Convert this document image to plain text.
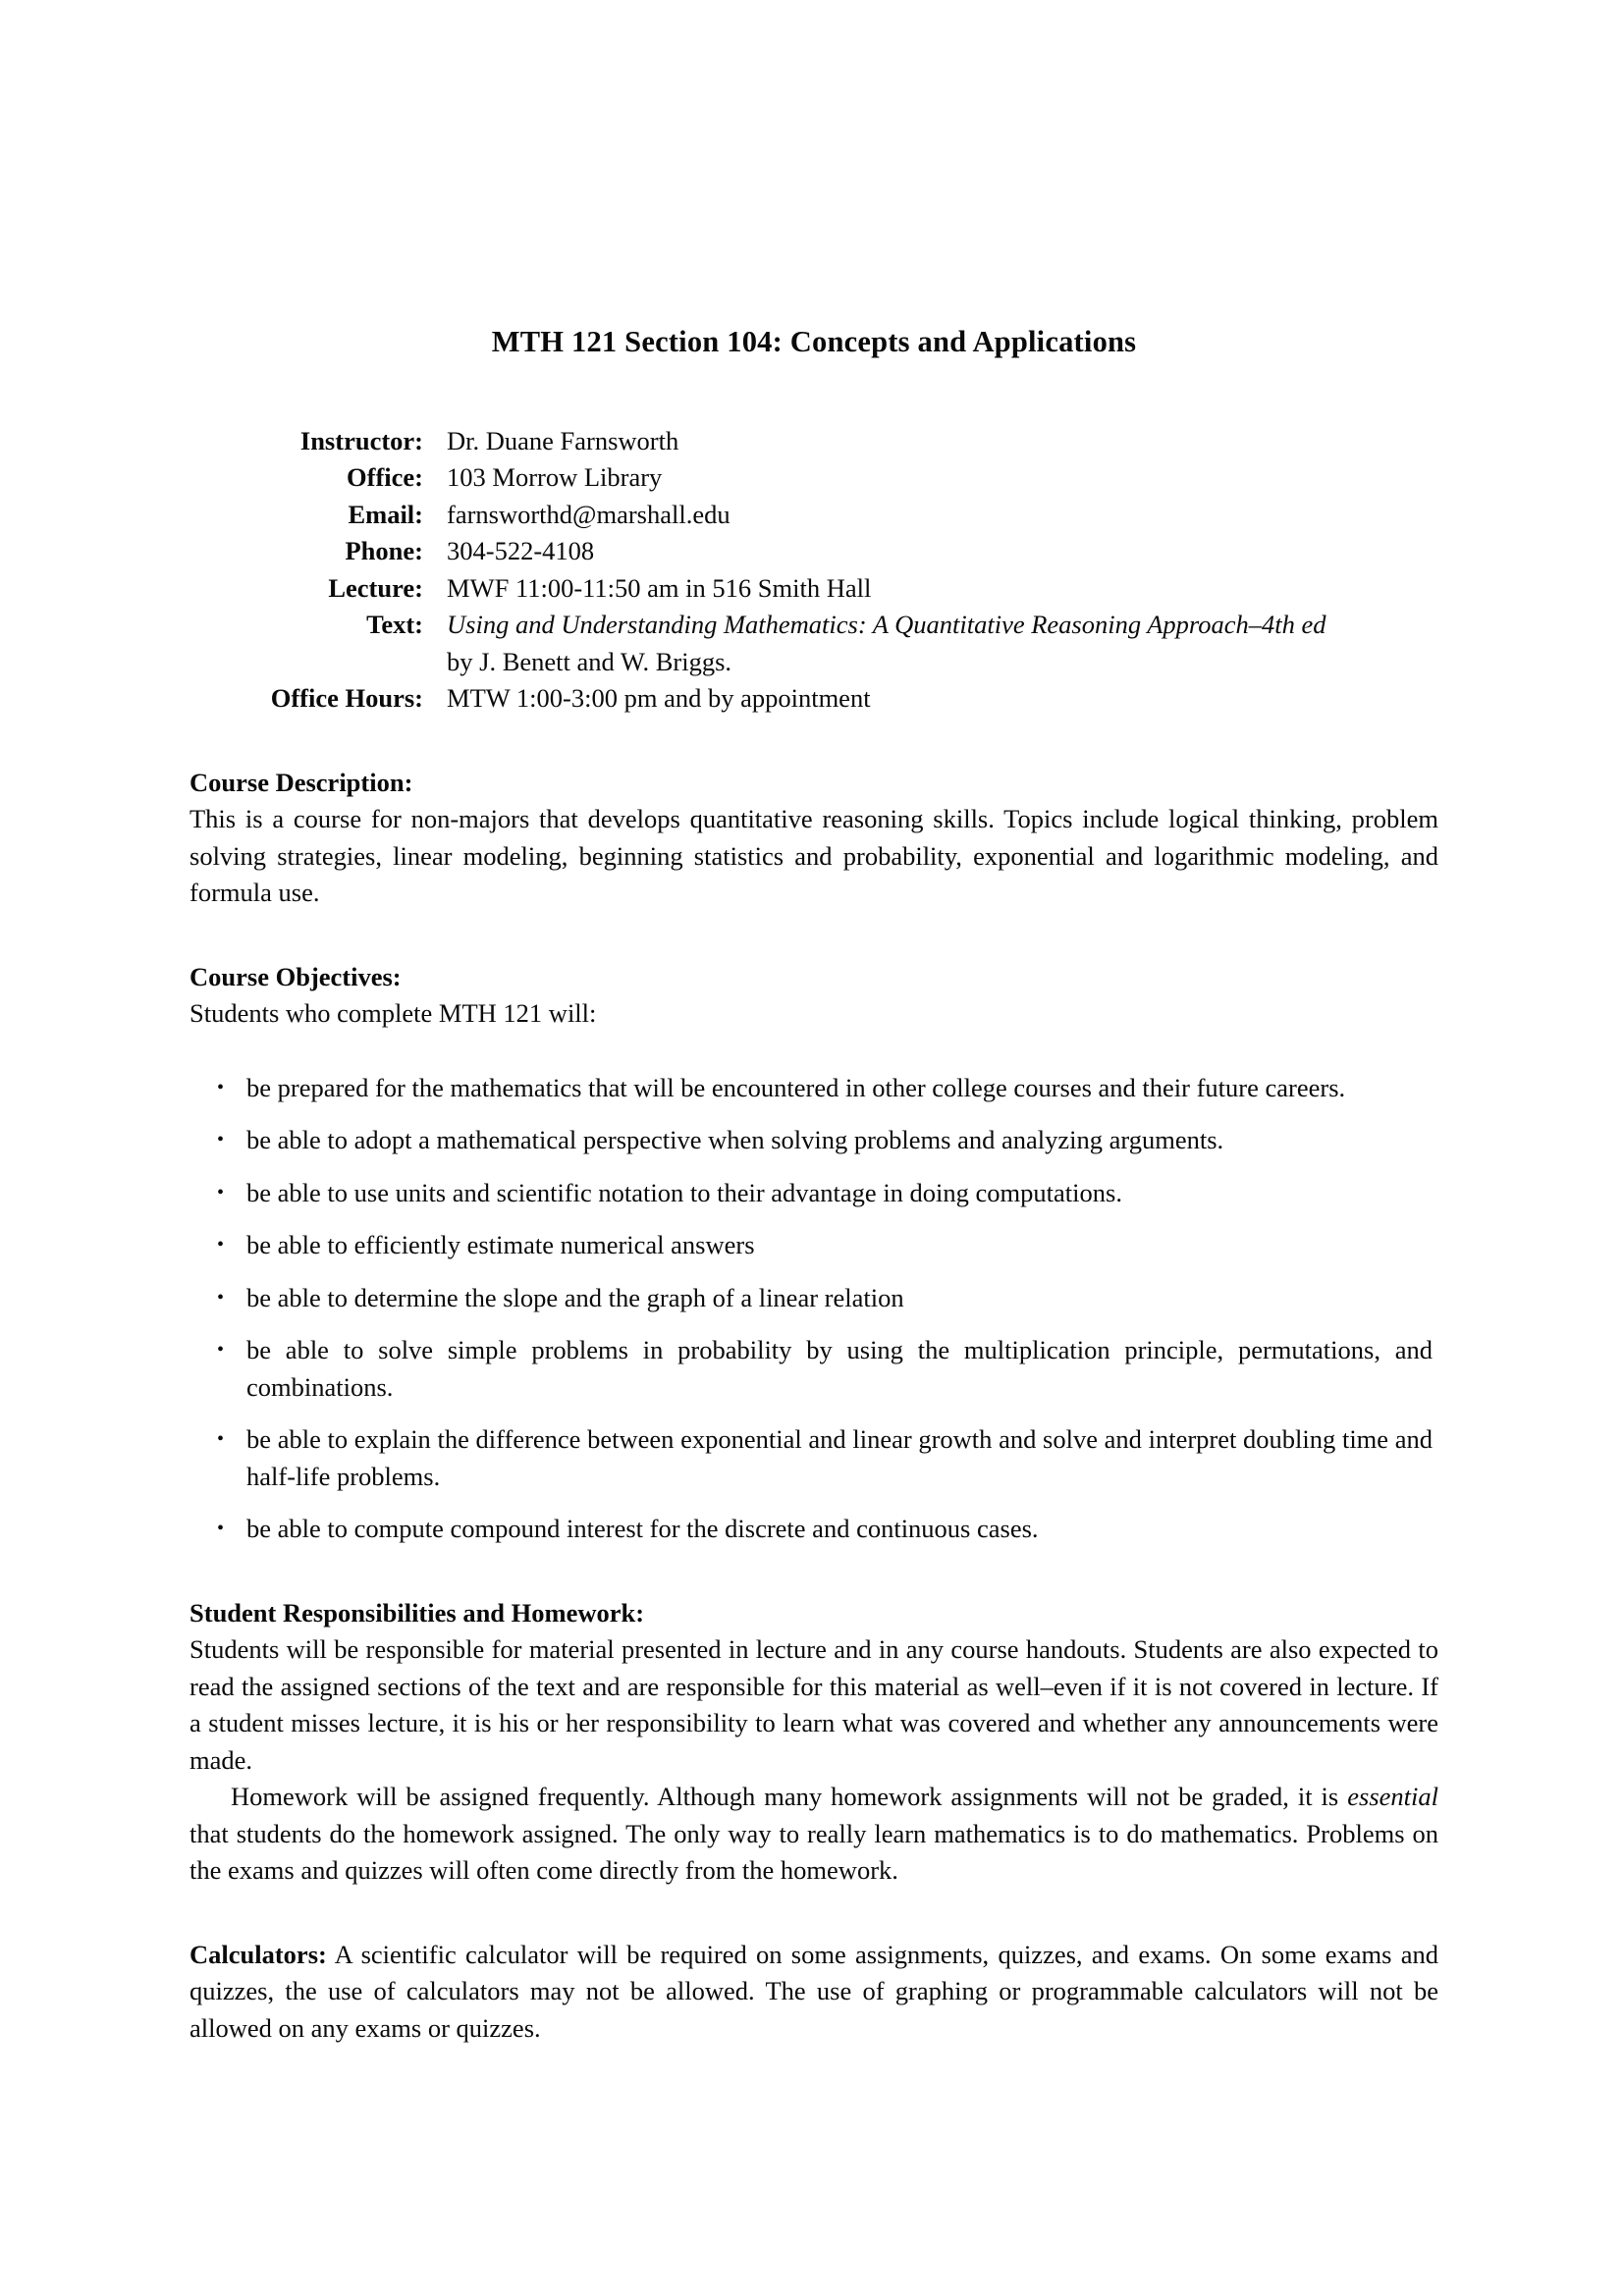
MTH 121 Section 104: Concepts and Applications
Instructor:	Dr. Duane Farnsworth
Office:	103 Morrow Library
Email:	farnsworthd@marshall.edu
Phone:	304-522-4108
Lecture:	MWF 11:00-11:50 am in 516 Smith Hall
Text:	Using and Understanding Mathematics: A Quantitative Reasoning Approach–4th ed
	by J. Benett and W. Briggs.
Office Hours:	MTW 1:00-3:00 pm and by appointment
Course Description:

This is a course for non-majors that develops quantitative reasoning skills. Topics include logical thinking, problem solving strategies, linear modeling, beginning statistics and probability, exponential and logarithmic modeling, and formula use.

Course Objectives:

Students who complete MTH 121 will:

• be prepared for the mathematics that will be encountered in other college courses and their future careers.
• be able to adopt a mathematical perspective when solving problems and analyzing arguments.
• be able to use units and scientific notation to their advantage in doing computations.
• be able to efficiently estimate numerical answers
• be able to determine the slope and the graph of a linear relation
• be able to solve simple problems in probability by using the multiplication principle, permutations, and combinations.
• be able to explain the difference between exponential and linear growth and solve and interpret doubling time and half-life problems.
• be able to compute compound interest for the discrete and continuous cases.
Student Responsibilities and Homework:

Students will be responsible for material presented in lecture and in any course handouts. Students are also expected to read the assigned sections of the text and are responsible for this material as well–even if it is not covered in lecture. If a student misses lecture, it is his or her responsibility to learn what was covered and whether any announcements were made.

Homework will be assigned frequently. Although many homework assignments will not be graded, it is essential that students do the homework assigned. The only way to really learn mathematics is to do mathematics. Problems on the exams and quizzes will often come directly from the homework.

Calculators: A scientific calculator will be required on some assignments, quizzes, and exams. On some exams and quizzes, the use of calculators may not be allowed. The use of graphing or programmable calculators will not be allowed on any exams or quizzes.
